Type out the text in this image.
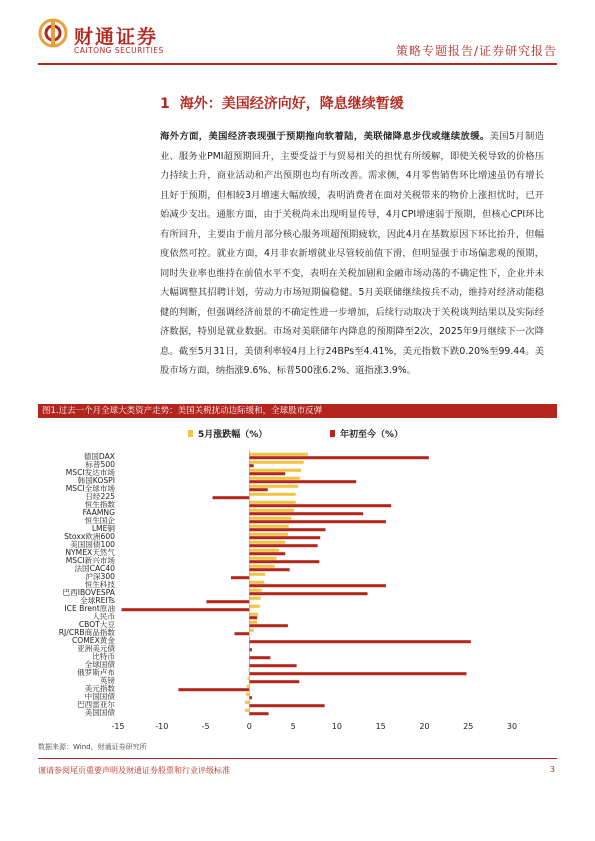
财通证券
CAITONG SECURITIES	策略专题报告/证券研究报告
1 海外：美国经济向好，降息继续暂缓
海外方面，美国经济表现强于预期拖向软着陆，美联储降息步伐或继续放缓。美国5月制造业、服务业PMI超预期回升，主要受益于与贸易相关的担忧有所缓解，即使关税导致的价格压力持续上升，商业活动和产出预期也均有所改善。需求侧，4月零售销售环比增速虽仍有增长且好于预期，但相较3月增速大幅放缓，表明消费者在面对关税带来的物价上涨担忧时，已开始减少支出。通胀方面，由于关税尚未出现明显传导，4月CPI增速弱于预期，但核心CPI环比有所回升，主要由于前月部分核心服务项超预期疲软，因此4月在基数原因下环比抬升，但幅度依然可控。就业方面，4月非农新增就业尽管较前值下滑，但明显强于市场偏悲观的预期，同时失业率也维持在前值水平不变，表明在关税加剧和金融市场动荡的不确定性下，企业并未大幅调整其招聘计划，劳动力市场短期偏稳健。5月美联储继续按兵不动，维持对经济动能稳健的判断，但强调经济前景的不确定性进一步增加，后续行动取决于关税谈判结果以及实际经济数据，特别是就业数据。市场对美联储年内降息的预期降至2次，2025年9月继续下一次降息。截至5月31日，美债利率较4月上行24BPs至4.41%，美元指数下跌0.20%至99.44。美股市场方面，纳指涨9.6%、标普500涨6.2%、道指涨3.9%。
图1.过去一个月全球大类资产走势：美国关税扰动边际缓和，全球股市反弹
5月涨跌幅（%）	年初至今（%）
德国DAX
标普500
MSCI发达市场
韩国KOSPI
MSCI全球市场
日经225
恒生指数
FAAMNG
恒生国企
LME铜
Stoxx欧洲600
美国国债100
NYMEX天然气
MSCI新兴市场
法国CAC40
沪深300
恒生科技
巴西IBOVESPA
全球REITs
ICE Brent原油
人民币
CBOT大豆
RJ/CRB商品指数
COMEX黄金
亚洲美元债
比特币
全球国债
俄罗斯卢布
英镑
美元指数
中国国债
巴西雷亚尔
美国国债
-15	-10	-5	0	5	10	15	20	25	30
数据来源：Wind，财通证券研究所
谨请参阅尾页重要声明及财通证券股票和行业评级标准	3
